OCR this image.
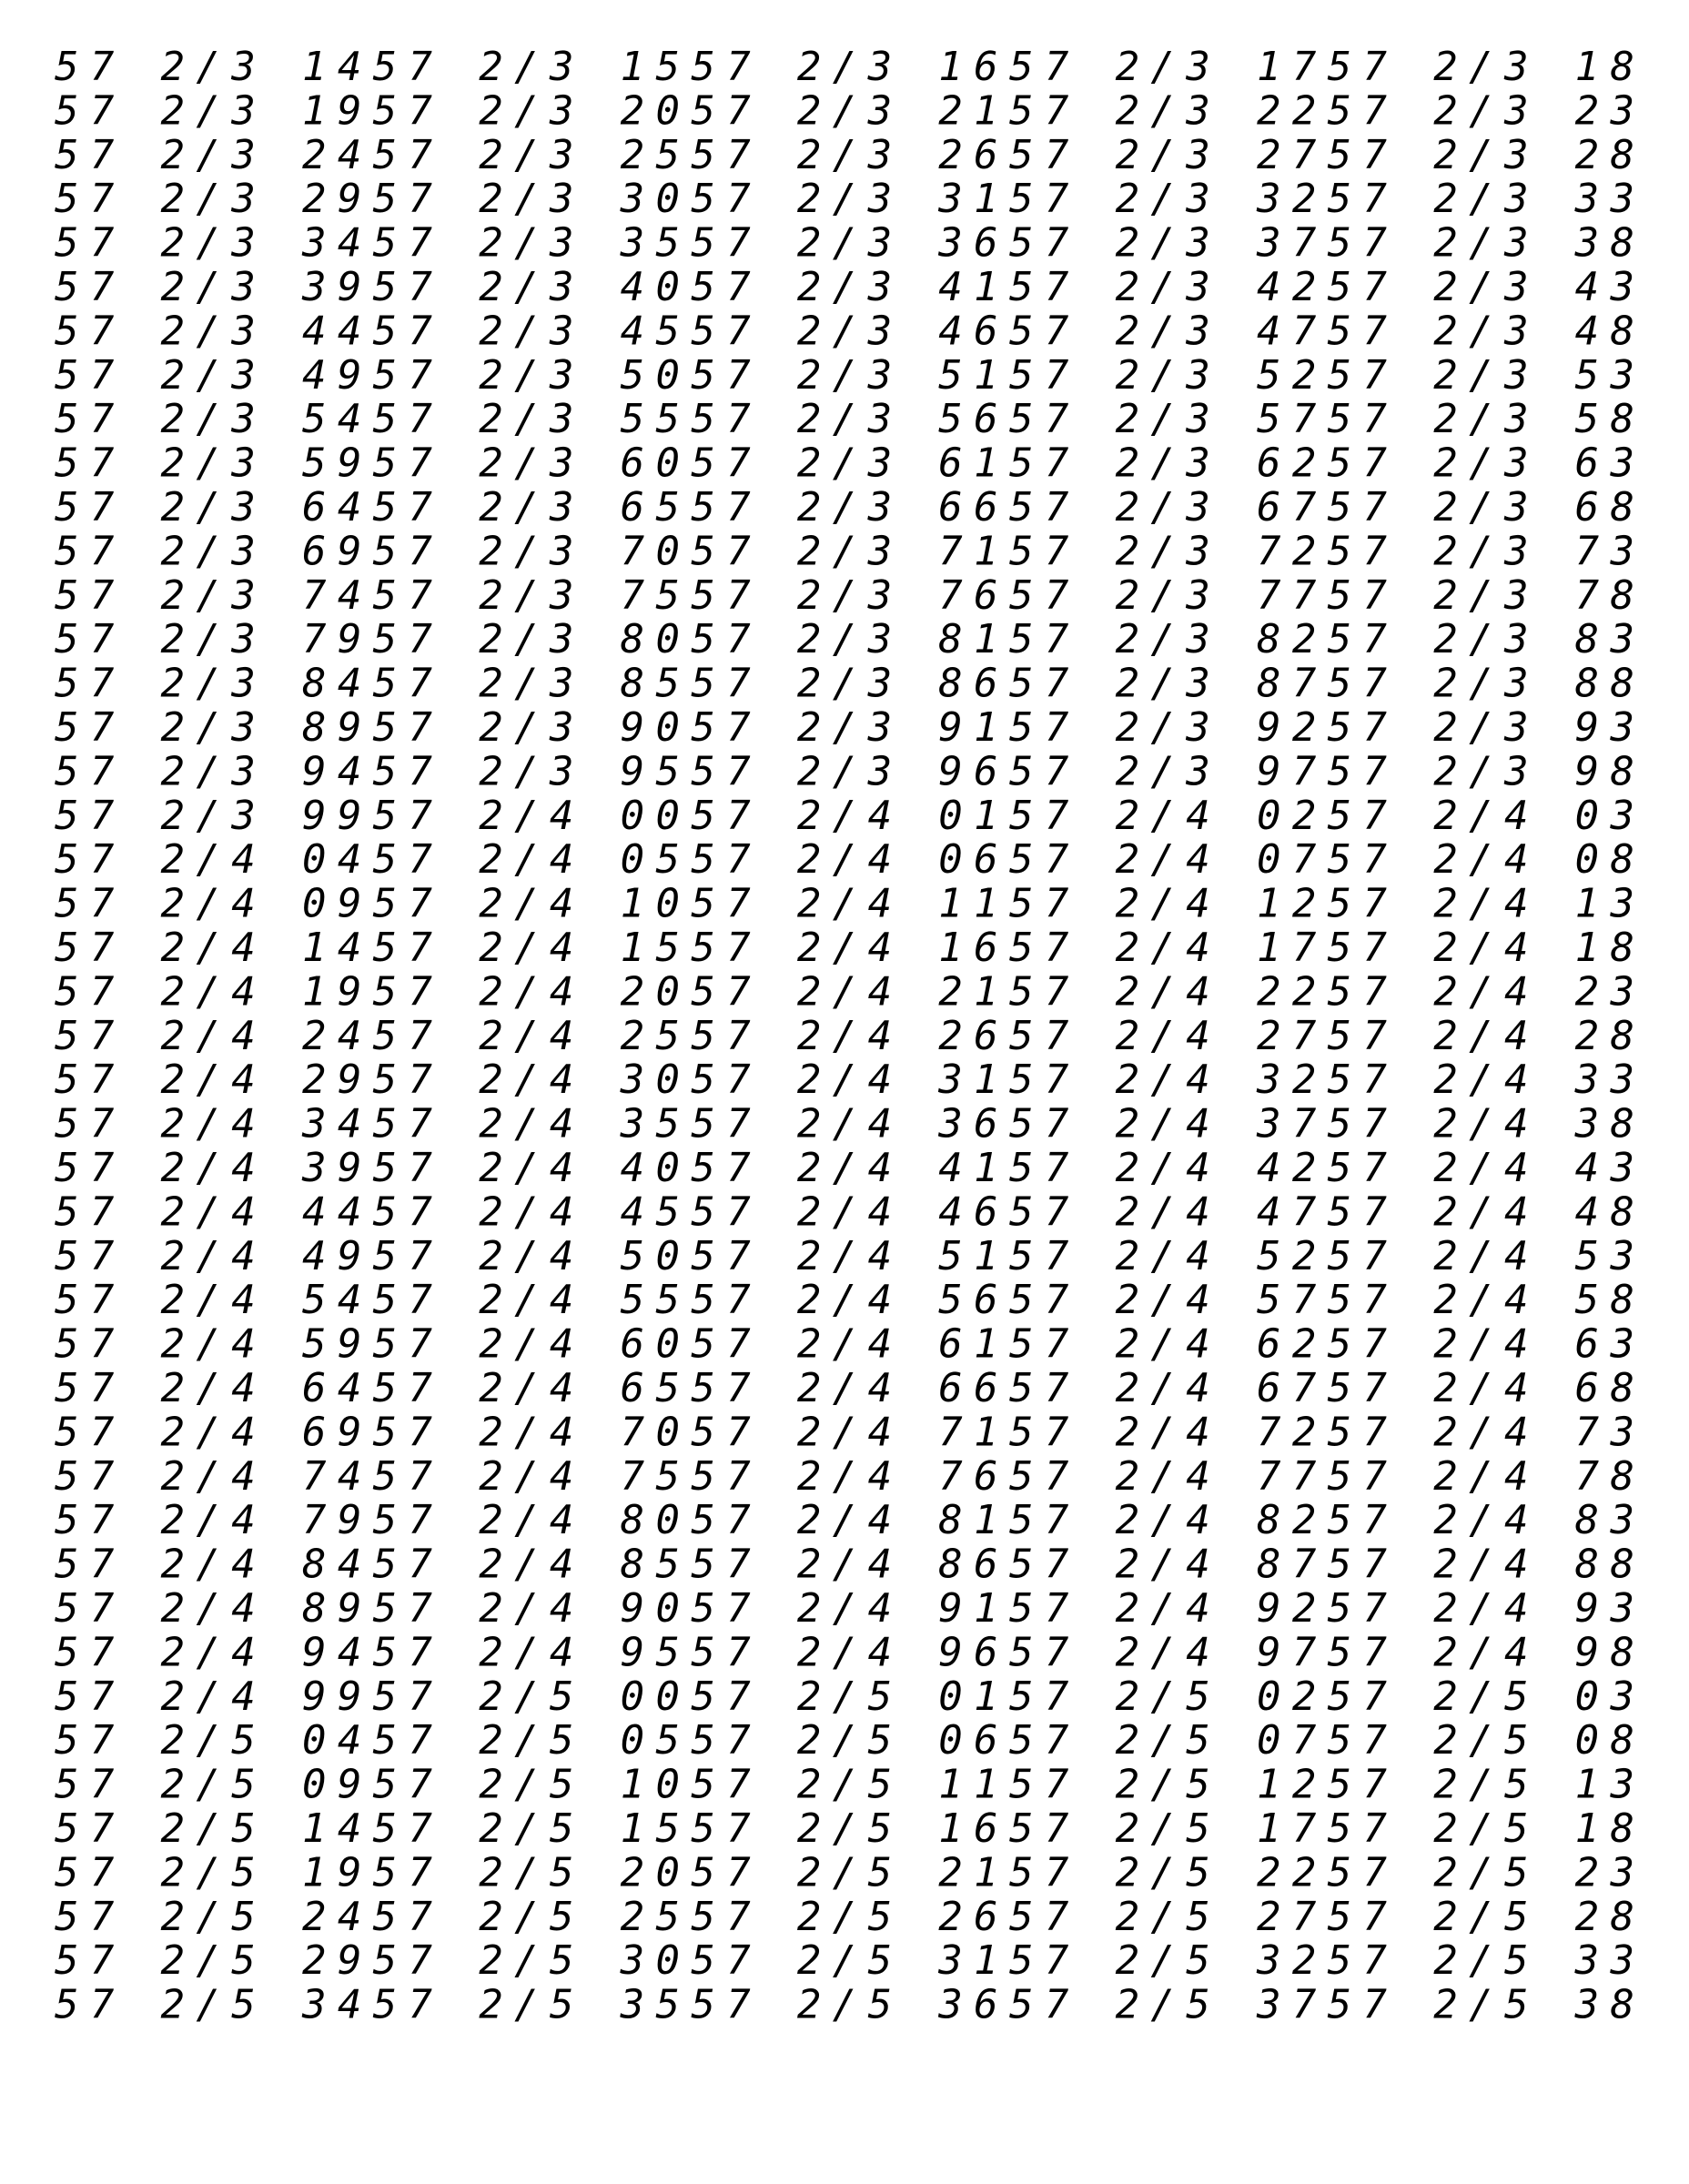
57 2/3 1457 2/3 1557 2/3 1657 2/3 1757 2/3 18
57 2/3 1957 2/3 2057 2/3 2157 2/3 2257 2/3 23
57 2/3 2457 2/3 2557 2/3 2657 2/3 2757 2/3 28
57 2/3 2957 2/3 3057 2/3 3157 2/3 3257 2/3 33
57 2/3 3457 2/3 3557 2/3 3657 2/3 3757 2/3 38
57 2/3 3957 2/3 4057 2/3 4157 2/3 4257 2/3 43
57 2/3 4457 2/3 4557 2/3 4657 2/3 4757 2/3 48
57 2/3 4957 2/3 5057 2/3 5157 2/3 5257 2/3 53
57 2/3 5457 2/3 5557 2/3 5657 2/3 5757 2/3 58
57 2/3 5957 2/3 6057 2/3 6157 2/3 6257 2/3 63
57 2/3 6457 2/3 6557 2/3 6657 2/3 6757 2/3 68
57 2/3 6957 2/3 7057 2/3 7157 2/3 7257 2/3 73
57 2/3 7457 2/3 7557 2/3 7657 2/3 7757 2/3 78
57 2/3 7957 2/3 8057 2/3 8157 2/3 8257 2/3 83
57 2/3 8457 2/3 8557 2/3 8657 2/3 8757 2/3 88
57 2/3 8957 2/3 9057 2/3 9157 2/3 9257 2/3 93
57 2/3 9457 2/3 9557 2/3 9657 2/3 9757 2/3 98
57 2/3 9957 2/4 0057 2/4 0157 2/4 0257 2/4 03
57 2/4 0457 2/4 0557 2/4 0657 2/4 0757 2/4 08
57 2/4 0957 2/4 1057 2/4 1157 2/4 1257 2/4 13
57 2/4 1457 2/4 1557 2/4 1657 2/4 1757 2/4 18
57 2/4 1957 2/4 2057 2/4 2157 2/4 2257 2/4 23
57 2/4 2457 2/4 2557 2/4 2657 2/4 2757 2/4 28
57 2/4 2957 2/4 3057 2/4 3157 2/4 3257 2/4 33
57 2/4 3457 2/4 3557 2/4 3657 2/4 3757 2/4 38
57 2/4 3957 2/4 4057 2/4 4157 2/4 4257 2/4 43
57 2/4 4457 2/4 4557 2/4 4657 2/4 4757 2/4 48
57 2/4 4957 2/4 5057 2/4 5157 2/4 5257 2/4 53
57 2/4 5457 2/4 5557 2/4 5657 2/4 5757 2/4 58
57 2/4 5957 2/4 6057 2/4 6157 2/4 6257 2/4 63
57 2/4 6457 2/4 6557 2/4 6657 2/4 6757 2/4 68
57 2/4 6957 2/4 7057 2/4 7157 2/4 7257 2/4 73
57 2/4 7457 2/4 7557 2/4 7657 2/4 7757 2/4 78
57 2/4 7957 2/4 8057 2/4 8157 2/4 8257 2/4 83
57 2/4 8457 2/4 8557 2/4 8657 2/4 8757 2/4 88
57 2/4 8957 2/4 9057 2/4 9157 2/4 9257 2/4 93
57 2/4 9457 2/4 9557 2/4 9657 2/4 9757 2/4 98
57 2/4 9957 2/5 0057 2/5 0157 2/5 0257 2/5 03
57 2/5 0457 2/5 0557 2/5 0657 2/5 0757 2/5 08
57 2/5 0957 2/5 1057 2/5 1157 2/5 1257 2/5 13
57 2/5 1457 2/5 1557 2/5 1657 2/5 1757 2/5 18
57 2/5 1957 2/5 2057 2/5 2157 2/5 2257 2/5 23
57 2/5 2457 2/5 2557 2/5 2657 2/5 2757 2/5 28
57 2/5 2957 2/5 3057 2/5 3157 2/5 3257 2/5 33
57 2/5 3457 2/5 3557 2/5 3657 2/5 3757 2/5 38
